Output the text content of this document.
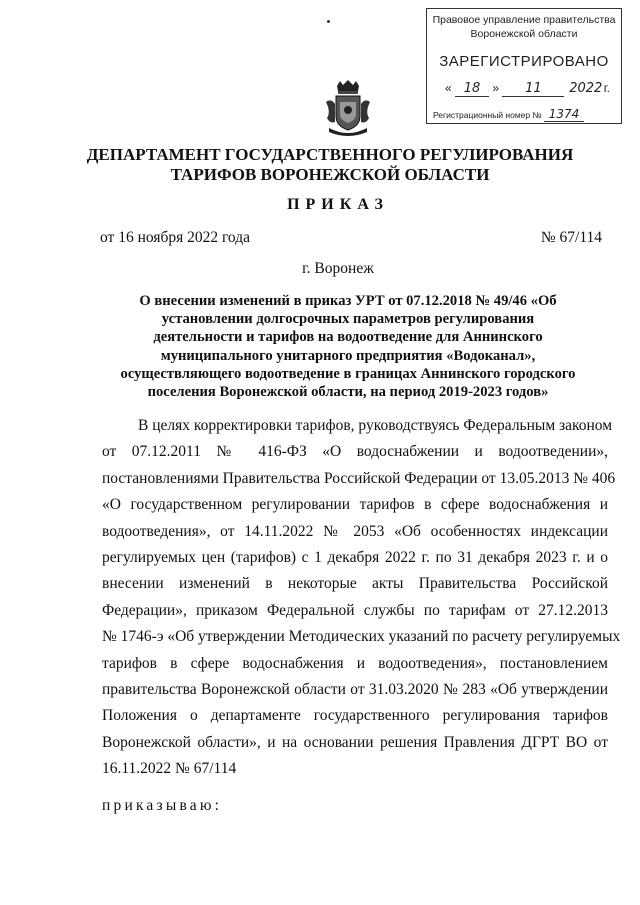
Правовое управление правительства
Воронежской области
ЗАРЕГИСТРИРОВАНО
« 18 » 11 2022г.
Регистрационный номер № 1374
ДЕПАРТАМЕНТ ГОСУДАРСТВЕННОГО РЕГУЛИРОВАНИЯ ТАРИФОВ ВОРОНЕЖСКОЙ ОБЛАСТИ
ПРИКАЗ
от 16 ноября 2022 года	№ 67/114
г. Воронеж
О внесении изменений в приказ УРТ от 07.12.2018 № 49/46 «Об установлении долгосрочных параметров регулирования деятельности и тарифов на водоотведение для Аннинского муниципального унитарного предприятия «Водоканал», осуществляющего водоотведение в границах Аннинского городского поселения Воронежской области, на период 2019-2023 годов»
В целях корректировки тарифов, руководствуясь Федеральным законом
от 07.12.2011 № 416-ФЗ «О водоснабжении и водоотведении»,
постановлениями Правительства Российской Федерации от 13.05.2013 № 406
«О государственном регулировании тарифов в сфере водоснабжения и
водоотведения», от 14.11.2022 № 2053 «Об особенностях индексации
регулируемых цен (тарифов) с 1 декабря 2022 г. по 31 декабря 2023 г. и о
внесении изменений в некоторые акты Правительства Российской
Федерации», приказом Федеральной службы по тарифам от 27.12.2013
№ 1746-э «Об утверждении Методических указаний по расчету регулируемых
тарифов в сфере водоснабжения и водоотведения», постановлением
правительства Воронежской области от 31.03.2020 № 283 «Об утверждении
Положения о департаменте государственного регулирования тарифов
Воронежской области», и на основании решения Правления ДГРТ ВО от
16.11.2022 № 67/114
приказываю:
